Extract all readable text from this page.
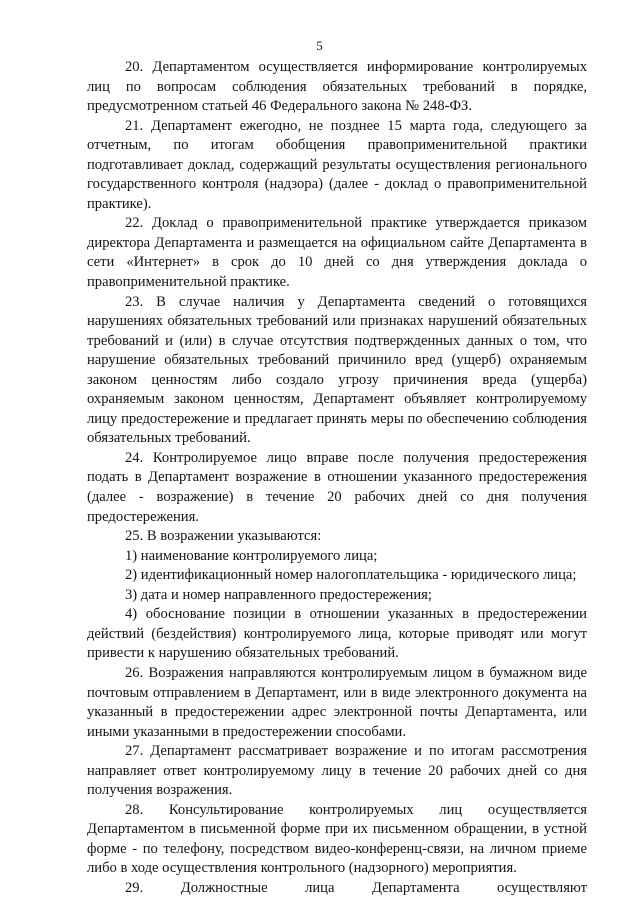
5

20. Департаментом осуществляется информирование контролируемых лиц по вопросам соблюдения обязательных требований в порядке, предусмотренном статьей 46 Федерального закона № 248-ФЗ.

21. Департамент ежегодно, не позднее 15 марта года, следующего за отчетным, по итогам обобщения правоприменительной практики подготавливает доклад, содержащий результаты осуществления регионального государственного контроля (надзора) (далее - доклад о правоприменительной практике).

22. Доклад о правоприменительной практике утверждается приказом директора Департамента и размещается на официальном сайте Департамента в сети «Интернет» в срок до 10 дней со дня утверждения доклада о правоприменительной практике.

23. В случае наличия у Департамента сведений о готовящихся нарушениях обязательных требований или признаках нарушений обязательных требований и (или) в случае отсутствия подтвержденных данных о том, что нарушение обязательных требований причинило вред (ущерб) охраняемым законом ценностям либо создало угрозу причинения вреда (ущерба) охраняемым законом ценностям, Департамент объявляет контролируемому лицу предостережение и предлагает принять меры по обеспечению соблюдения обязательных требований.

24. Контролируемое лицо вправе после получения предостережения подать в Департамент возражение в отношении указанного предостережения (далее - возражение) в течение 20 рабочих дней со дня получения предостережения.

25. В возражении указываются:

1) наименование контролируемого лица;

2) идентификационный номер налогоплательщика - юридического лица;

3) дата и номер направленного предостережения;

4) обоснование позиции в отношении указанных в предостережении действий (бездействия) контролируемого лица, которые приводят или могут привести к нарушению обязательных требований.

26. Возражения направляются контролируемым лицом в бумажном виде почтовым отправлением в Департамент, или в виде электронного документа на указанный в предостережении адрес электронной почты Департамента, или иными указанными в предостережении способами.

27. Департамент рассматривает возражение и по итогам рассмотрения направляет ответ контролируемому лицу в течение 20 рабочих дней со дня получения возражения.

28. Консультирование контролируемых лиц осуществляется Департаментом в письменной форме при их письменном обращении, в устной форме - по телефону, посредством видео-конференц-связи, на личном приеме либо в ходе осуществления контрольного (надзорного) мероприятия.

29. Должностные лица Департамента осуществляют
